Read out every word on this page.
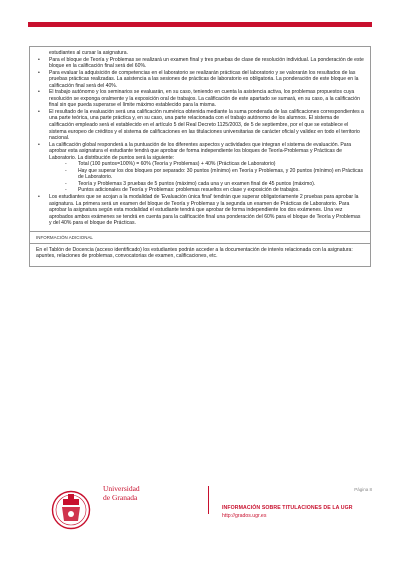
estudiantes al cursar la asignatura.

• Para el bloque de Teoría y Problemas se realizará un examen final y tres pruebas de clase de resolución individual. La ponderación de este bloque en la calificación final será del 60%.
• Para evaluar la adquisición de competencias en el laboratorio se realizarán prácticas del laboratorio y se valorarán los resultados de las pruebas prácticas realizadas. La asistencia a las sesiones de prácticas de laboratorio es obligatoria. La ponderación de este bloque en la calificación final será del 40%.
• El trabajo autónomo y los seminarios se evaluarán, en su caso, teniendo en cuenta la asistencia activa, los problemas propuestos cuya resolución se exponga oralmente y la exposición oral de trabajos. La calificación de este apartado se sumará, en su caso, a la calificación final sin que pueda superarse el límite máximo establecido para la misma.
• El resultado de la evaluación será una calificación numérica obtenida mediante la suma ponderada de las calificaciones correspondientes a una parte teórica, una parte práctica y, en su caso, una parte relacionada con el trabajo autónomo de los alumnos. El sistema de calificación empleado será el establecido en el artículo 5 del Real Decreto 1125/2003, de 5 de septiembre, por el que se establece el sistema europeo de créditos y el sistema de calificaciones en las titulaciones universitarias de carácter oficial y validez en todo el territorio nacional.
• La calificación global responderá a la puntuación de los diferentes aspectos y actividades que integran el sistema de evaluación. Para aprobar esta asignatura el estudiante tendrá que aprobar de forma independiente los bloques de Teoría-Problemas y Prácticas de Laboratorio. La distribución de puntos será la siguiente:
- Total (100 puntos=100%) = 60% (Teoría y Problemas) + 40% (Prácticas de Laboratorio)
- Hay que superar los dos bloques por separado: 30 puntos (mínimo) en Teoría y Problemas, y 20 puntos (mínimo) en Prácticas de Laboratorio.
- Teoría y Problemas 3 pruebas de 5 puntos (máximo) cada una y un examen final de 45 puntos (máximo).
- Puntos adicionales de Teoría y Problemas: problemas resueltos en clase y exposición de trabajos.
• Los estudiantes que se acojan a la modalidad de 'Evaluación única final' tendrán que superar obligatoriamente 2 pruebas para aprobar la asignatura. La primera será un examen del bloque de Teoría y Problemas y la segunda un examen de Prácticas de Laboratorio. Para aprobar la asignatura según esta modalidad el estudiante tendrá que aprobar de forma independiente los dos exámenes. Una vez aprobados ambos exámenes se tendrá en cuenta para la calificación final una ponderación del 60% para el bloque de Teoría y Problemas y del 40% para el bloque de Prácticas.
INFORMACIÓN ADICIONAL
En el Tablón de Docencia (acceso identificado) los estudiantes podrán acceder a la documentación de interés relacionada con la asignatura: apuntes, relaciones de problemas, convocatorias de examen, calificaciones, etc.
Universidad
de Granada
Página 8
INFORMACIÓN SOBRE TITULACIONES DE LA UGR
http://grados.ugr.es
